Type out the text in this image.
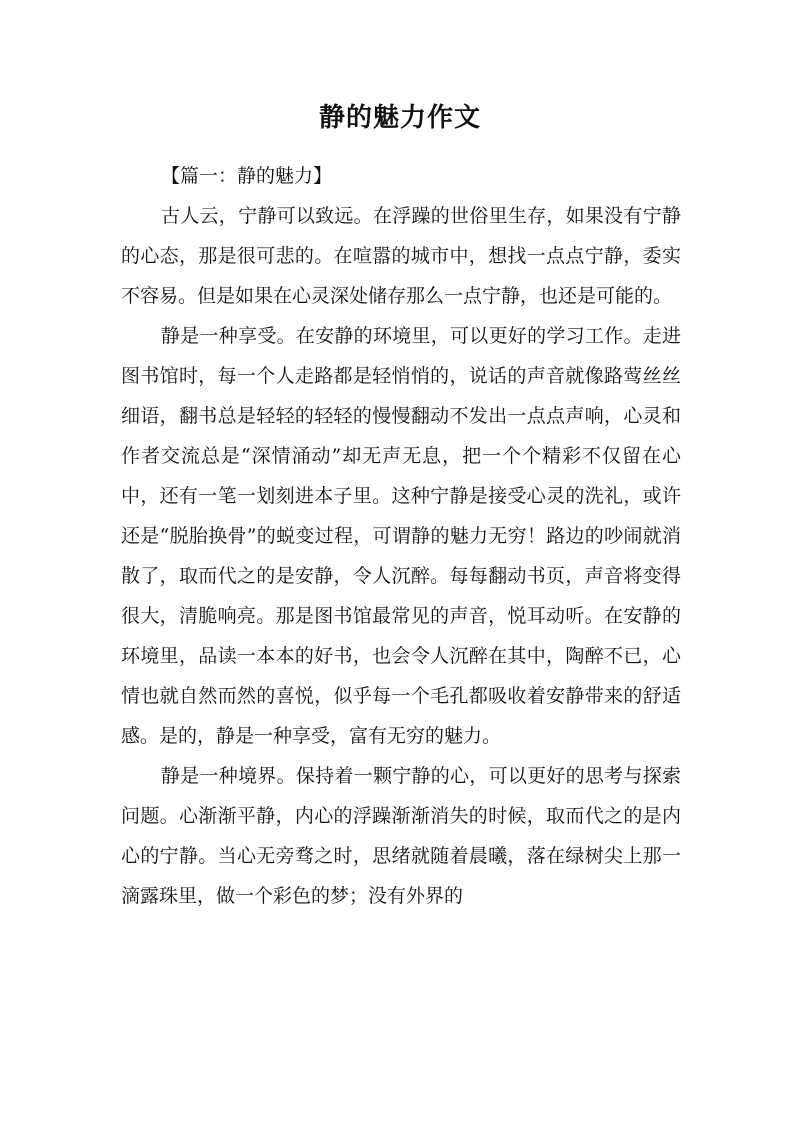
静的魅力作文

【篇一：静的魅力】

古人云，宁静可以致远。在浮躁的世俗里生存，如果没有宁静的心态，那是很可悲的。在喧嚣的城市中，想找一点点宁静，委实不容易。但是如果在心灵深处储存那么一点宁静，也还是可能的。

静是一种享受。在安静的环境里，可以更好的学习工作。走进图书馆时，每一个人走路都是轻悄悄的，说话的声音就像路莺丝丝细语，翻书总是轻轻的轻轻的慢慢翻动不发出一点点声响，心灵和作者交流总是“深情涌动”却无声无息，把一个个精彩不仅留在心中，还有一笔一划刻进本子里。这种宁静是接受心灵的洗礼，或许还是“脱胎换骨”的蜕变过程，可谓静的魅力无穷！路边的吵闹就消散了，取而代之的是安静，令人沉醉。每每翻动书页，声音将变得很大，清脆响亮。那是图书馆最常见的声音，悦耳动听。在安静的环境里，品读一本本的好书，也会令人沉醉在其中，陶醉不已，心情也就自然而然的喜悦，似乎每一个毛孔都吸收着安静带来的舒适感。是的，静是一种享受，富有无穷的魅力。

静是一种境界。保持着一颗宁静的心，可以更好的思考与探索问题。心渐渐平静，内心的浮躁渐渐消失的时候，取而代之的是内心的宁静。当心无旁骛之时，思绪就随着晨曦，落在绿树尖上那一滴露珠里，做一个彩色的梦；没有外界的
